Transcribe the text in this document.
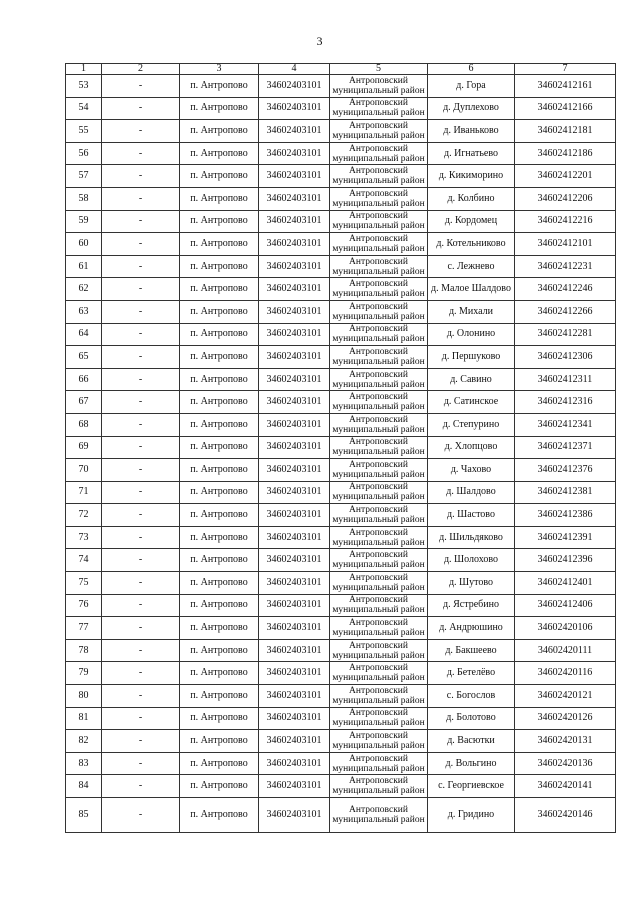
3
1	2	3	4	5	6	7
53	-	п. Антропово	34602403101	Антроповский
муниципальный район	д. Гора	34602412161
54	-	п. Антропово	34602403101	Антроповский
муниципальный район	д. Дуплехово	34602412166
55	-	п. Антропово	34602403101	Антроповский
муниципальный район	д. Иваньково	34602412181
56	-	п. Антропово	34602403101	Антроповский
муниципальный район	д. Игнатьево	34602412186
57	-	п. Антропово	34602403101	Антроповский
муниципальный район	д. Кикиморино	34602412201
58	-	п. Антропово	34602403101	Антроповский
муниципальный район	д. Колбино	34602412206
59	-	п. Антропово	34602403101	Антроповский
муниципальный район	д. Кордомец	34602412216
60	-	п. Антропово	34602403101	Антроповский
муниципальный район	д. Котельниково	34602412101
61	-	п. Антропово	34602403101	Антроповский
муниципальный район	с. Лежнево	34602412231
62	-	п. Антропово	34602403101	Антроповский
муниципальный район	д. Малое Шалдово	34602412246
63	-	п. Антропово	34602403101	Антроповский
муниципальный район	д. Михали	34602412266
64	-	п. Антропово	34602403101	Антроповский
муниципальный район	д. Олонино	34602412281
65	-	п. Антропово	34602403101	Антроповский
муниципальный район	д. Першуково	34602412306
66	-	п. Антропово	34602403101	Антроповский
муниципальный район	д. Савино	34602412311
67	-	п. Антропово	34602403101	Антроповский
муниципальный район	д. Сатинское	34602412316
68	-	п. Антропово	34602403101	Антроповский
муниципальный район	д. Степурино	34602412341
69	-	п. Антропово	34602403101	Антроповский
муниципальный район	д. Хлопцово	34602412371
70	-	п. Антропово	34602403101	Антроповский
муниципальный район	д. Чахово	34602412376
71	-	п. Антропово	34602403101	Антроповский
муниципальный район	д. Шалдово	34602412381
72	-	п. Антропово	34602403101	Антроповский
муниципальный район	д. Шастово	34602412386
73	-	п. Антропово	34602403101	Антроповский
муниципальный район	д. Шильдяково	34602412391
74	-	п. Антропово	34602403101	Антроповский
муниципальный район	д. Шолохово	34602412396
75	-	п. Антропово	34602403101	Антроповский
муниципальный район	д. Шутово	34602412401
76	-	п. Антропово	34602403101	Антроповский
муниципальный район	д. Ястребино	34602412406
77	-	п. Антропово	34602403101	Антроповский
муниципальный район	д. Андрюшино	34602420106
78	-	п. Антропово	34602403101	Антроповский
муниципальный район	д. Бакшеево	34602420111
79	-	п. Антропово	34602403101	Антроповский
муниципальный район	д. Бетелёво	34602420116
80	-	п. Антропово	34602403101	Антроповский
муниципальный район	с. Богослов	34602420121
81	-	п. Антропово	34602403101	Антроповский
муниципальный район	д. Болотово	34602420126
82	-	п. Антропово	34602403101	Антроповский
муниципальный район	д. Васютки	34602420131
83	-	п. Антропово	34602403101	Антроповский
муниципальный район	д. Вольгино	34602420136
84	-	п. Антропово	34602403101	Антроповский
муниципальный район	с. Георгиевское	34602420141
85	-	п. Антропово	34602403101	Антроповский
муниципальный район	д. Гридино	34602420146
